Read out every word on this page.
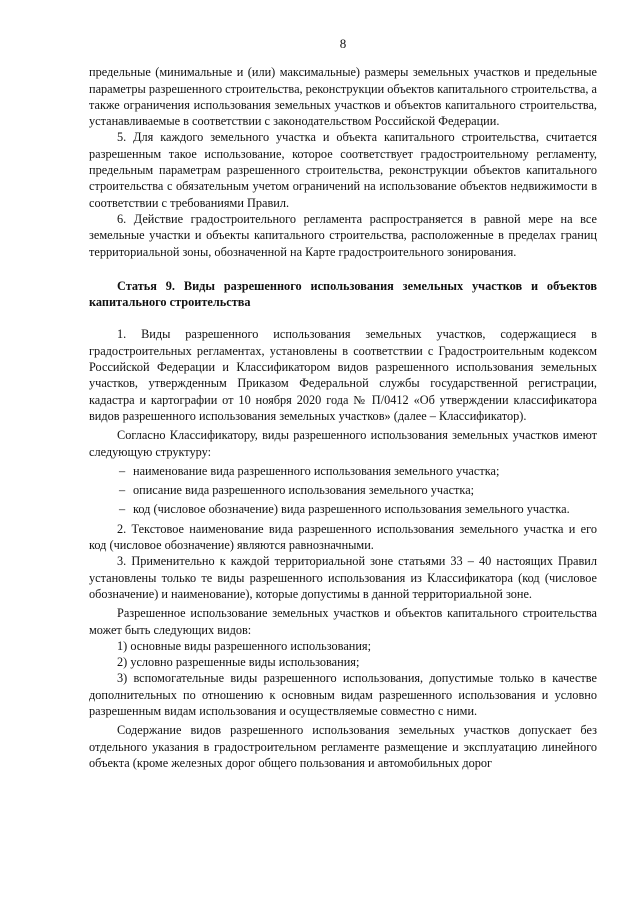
8

предельные (минимальные и (или) максимальные) размеры земельных участков и предельные параметры разрешенного строительства, реконструкции объектов капитального строительства, а также ограничения использования земельных участков и объектов капитального строительства, устанавливаемые в соответствии с законодательством Российской Федерации.

5. Для каждого земельного участка и объекта капитального строительства, считается разрешенным такое использование, которое соответствует градостроительному регламенту, предельным параметрам разрешенного строительства, реконструкции объектов капитального строительства с обязательным учетом ограничений на использование объектов недвижимости в соответствии с требованиями Правил.

6. Действие градостроительного регламента распространяется в равной мере на все земельные участки и объекты капитального строительства, расположенные в пределах границ территориальной зоны, обозначенной на Карте градостроительного зонирования.

Статья 9. Виды разрешенного использования земельных участков и объектов капитального строительства

1. Виды разрешенного использования земельных участков, содержащиеся в градостроительных регламентах, установлены в соответствии с Градостроительным кодексом Российской Федерации и Классификатором видов разрешенного использования земельных участков, утвержденным Приказом Федеральной службы государственной регистрации, кадастра и картографии от 10 ноября 2020 года № П/0412 «Об утверждении классификатора видов разрешенного использования земельных участков» (далее – Классификатор).

Согласно Классификатору, виды разрешенного использования земельных участков имеют следующую структуру:

– наименование вида разрешенного использования земельного участка;

– описание вида разрешенного использования земельного участка;

– код (числовое обозначение) вида разрешенного использования земельного участка.

2. Текстовое наименование вида разрешенного использования земельного участка и его код (числовое обозначение) являются равнозначными.

3. Применительно к каждой территориальной зоне статьями 33 – 40 настоящих Правил установлены только те виды разрешенного использования из Классификатора (код (числовое обозначение) и наименование), которые допустимы в данной территориальной зоне.

Разрешенное использование земельных участков и объектов капитального строительства может быть следующих видов:

1) основные виды разрешенного использования;

2) условно разрешенные виды использования;

3) вспомогательные виды разрешенного использования, допустимые только в качестве дополнительных по отношению к основным видам разрешенного использования и условно разрешенным видам использования и осуществляемые совместно с ними.

Содержание видов разрешенного использования земельных участков допускает без отдельного указания в градостроительном регламенте размещение и эксплуатацию линейного объекта (кроме железных дорог общего пользования и автомобильных дорог
